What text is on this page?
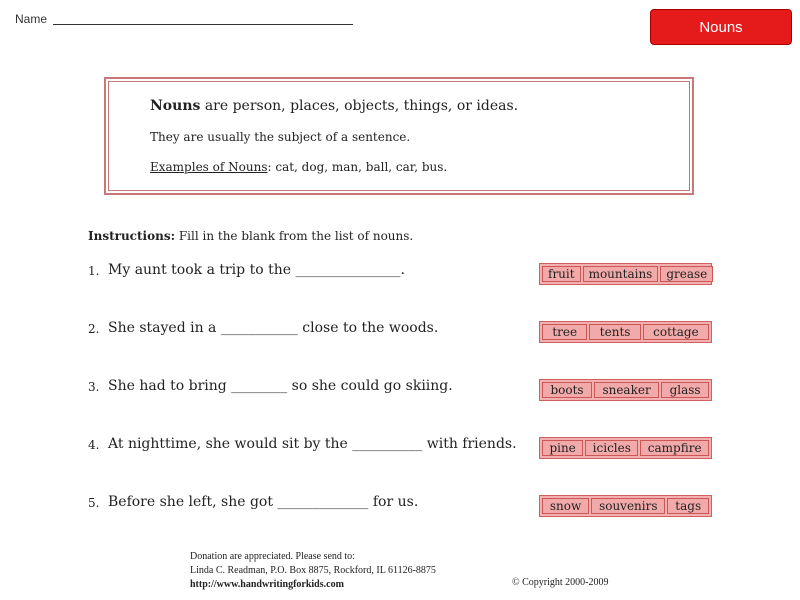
Name	Nouns
Nouns are person, places, objects, things, or ideas.
They are usually the subject of a sentence.
Examples of Nouns: cat, dog, man, ball, car, bus.
Instructions: Fill in the blank from the list of nouns.
1. My aunt took a trip to the _______________.	fruit	mountains	grease
2. She stayed in a ___________ close to the woods.	tree	tents	cottage
3. She had to bring ________ so she could go skiing.	boots	sneaker	glass
4. At nighttime, she would sit by the __________ with friends.	pine	icicles	campfire
5. Before she left, she got _____________ for us.	snow	souvenirs	tags
Donation are appreciated. Please send to:
Linda C. Readman, P.O. Box 8875, Rockford, IL 61126-8875
http://www.handwritingforkids.com	© Copyright 2000-2009
